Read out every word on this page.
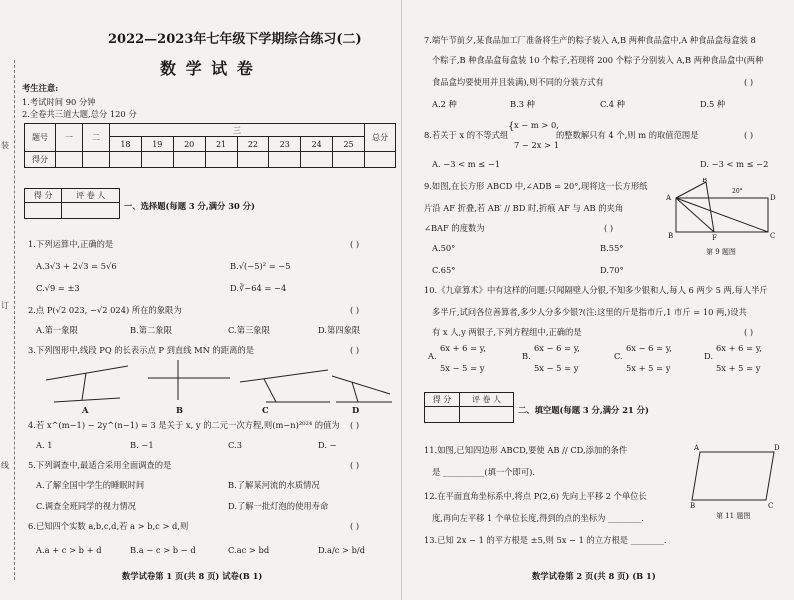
装
订
线
2022—2023年七年级下学期综合练习(二)
数 学 试 卷
考生注意:
1.考试时间 90 分钟
2.全卷共三道大题,总分 120 分
题号	一	二	三								总分
			18	19	20	21	22	23	24	25	
得分											
得 分	评 卷 人

一、选择题(每题 3 分,满分 30 分)
1.下列运算中,正确的是	( )
A.3√3 + 2√3 = 5√6	B.√(−5)² = −5
C.√9 = ±3	D.∛−64 = −4
2.点 P(√2 023, −√2 024) 所在的象限为	( )
A.第一象限	B.第二象限	C.第三象限	D.第四象限
3.下列图形中,线段 PQ 的长表示点 P 到直线 MN 的距离的是	( )
A	B	C	D
4.若 x^(m−1) − 2y^(n−1) = 3 是关于 x, y 的二元一次方程,则(m−n)²⁰²⁴ 的值为 ( )
A. 1	B. −1	C.3	D. −
5.下列调查中,最适合采用全面调查的是	( )
A.了解全国中学生的睡眠时间	B.了解某河流的水质情况
C.调查全班同学的视力情况	D.了解一批灯泡的使用寿命
6.已知四个实数 a,b,c,d,若 a > b,c > d,则	( )
A.a + c > b + d	B.a − c > b − d	C.ac > bd	D.a/c > b/d
数学试卷第 1 页(共 8 页) 试卷(B 1)
7.端午节前夕,某食品加工厂准备将生产的粽子装入 A,B 两种食品盒中,A 种食品盒每盒装 8
个粽子,B 种食品盒每盒装 10 个粽子,若现将 200 个粽子分别装入 A,B 两种食品盒中(两种
食品盒均要使用并且装满),则不同的分装方式有	( )
A.2 种	B.3 种	C.4 种	D.5 种
8.若关于 x 的不等式组
{ x − m > 0,
7 − 2x > 1
的整数解只有 4 个,则 m 的取值范围是	( )
A. −3 < m ≤ −1	D. −3 < m ≤ −2
9.如图,在长方形 ABCD 中,∠ADB = 20°,现将这一长方形纸
片沿 AF 折叠,若 AB′ // BD 时,折痕 AF 与 AB 的夹角
∠BAF 的度数为	( )
A.50°	B.55°
C.65°	D.70°
A
B′
D
C
B	F
20°
第 9 题图
10.《九章算术》中有这样的问题:只闻隔壁人分银,不知多少银和人,每人 6 两少 5 两,每人半斤
多半斤,试问各位善算者,多少人分多少银?(注:这里的斤是指市斤,1 市斤 = 10 两,)设共
有 x 人,y 两银子,下列方程组中,正确的是	( )
A.
6x + 6 = y,
5x − 5 = y
B.
6x − 6 = y,
5x − 5 = y
C.
6x − 6 = y,
5x + 5 = y
D.
6x + 6 = y,
5x + 5 = y
得 分	评 卷 人

二、填空题(每题 3 分,满分 21 分)
11.如图,已知四边形 ABCD,要使 AB // CD,添加的条件
是 __________(填一个即可).
A	D
B	C
第 11 题图
12.在平面直角坐标系中,将点 P(2,6) 先向上平移 2 个单位长
度,再向左平移 1 个单位长度,得到的点的坐标为 ________.
13.已知 2x − 1 的平方根是 ±5,则 5x − 1 的立方根是 ________.
数学试卷第 2 页(共 8 页) (B 1)
